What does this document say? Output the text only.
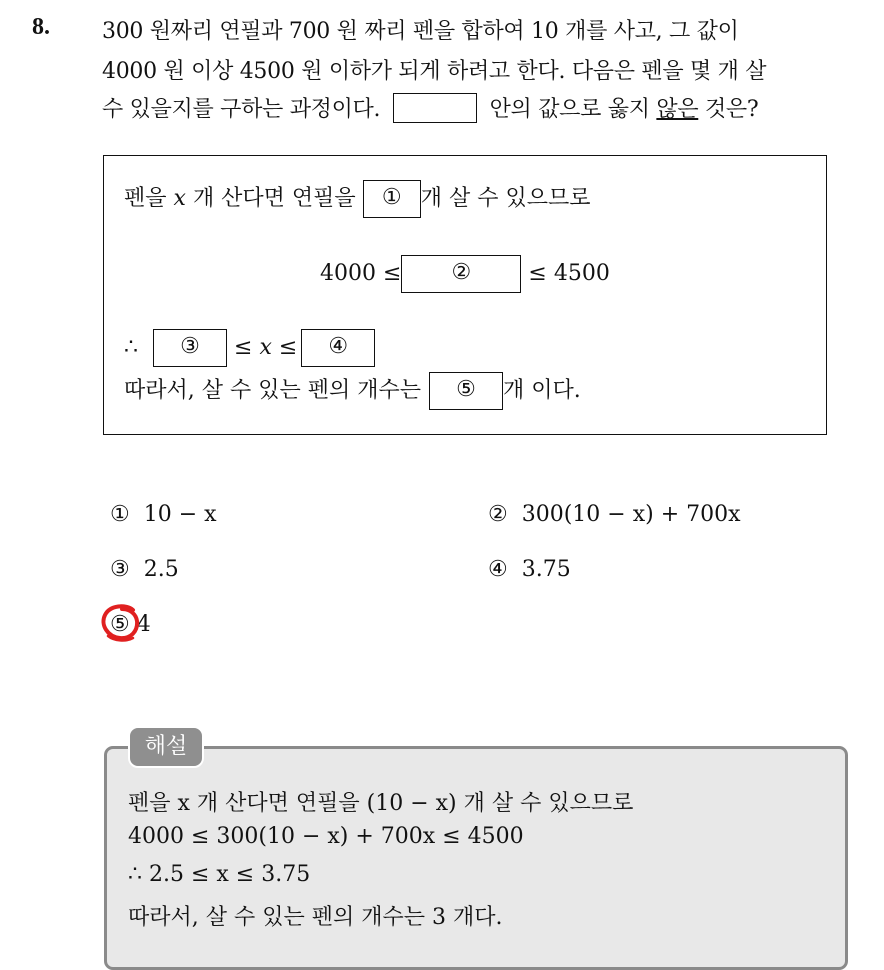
8. 300 원짜리 연필과 700 원 짜리 펜을 합하여 10 개를 사고, 그 값이
4000 원 이상 4500 원 이하가 되게 하려고 한다. 다음은 펜을 몇 개 살
수 있을지를 구하는 과정이다.	안의 값으로 옳지 않은 것은?
펜을 x 개 산다면 연필을 ① 개 살 수 있으므로
4000 ≤ ②	≤ 4500
∴ ③ ≤ x ≤ ④
따라서, 살 수 있는 펜의 개수는 ⑤ 개 이다.
① 10 − x	② 300(10 − x) + 700x
③ 2.5	④ 3.75
⑤ 4
해설
펜을 x 개 산다면 연필을 (10 − x) 개 살 수 있으므로
4000 ≤ 300(10 − x) + 700x ≤ 4500
∴ 2.5 ≤ x ≤ 3.75
따라서, 살 수 있는 펜의 개수는 3 개다.
